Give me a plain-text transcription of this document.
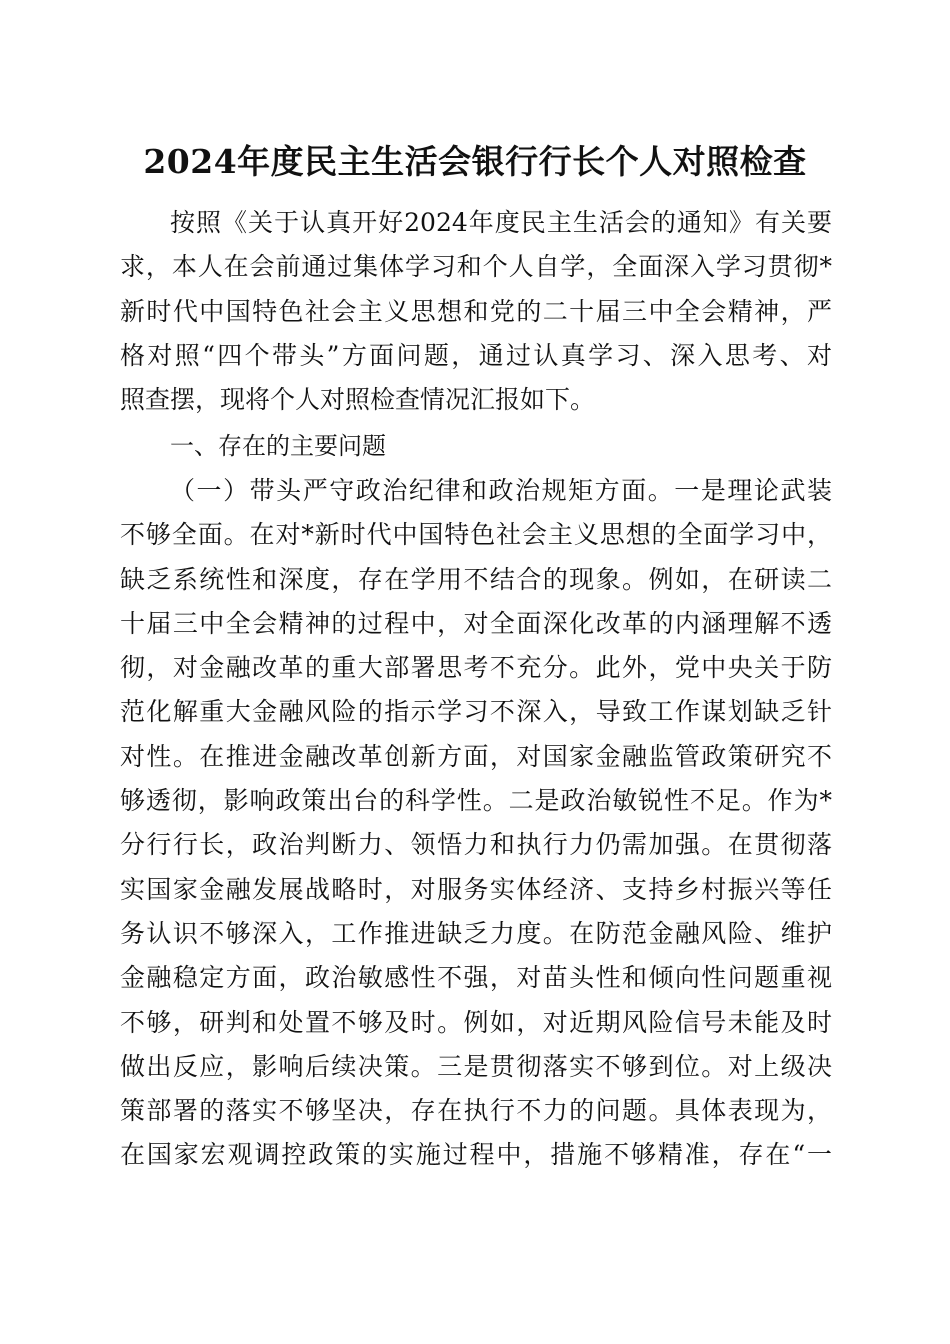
2024年度民主生活会银行行长个人对照检查
按照《关于认真开好2024年度民主生活会的通知》有关要
求，本人在会前通过集体学习和个人自学，全面深入学习贯彻*
新时代中国特色社会主义思想和党的二十届三中全会精神，严
格对照“四个带头”方面问题，通过认真学习、深入思考、对
照查摆，现将个人对照检查情况汇报如下。
一、存在的主要问题
（一）带头严守政治纪律和政治规矩方面。一是理论武装
不够全面。在对*新时代中国特色社会主义思想的全面学习中，
缺乏系统性和深度，存在学用不结合的现象。例如，在研读二
十届三中全会精神的过程中，对全面深化改革的内涵理解不透
彻，对金融改革的重大部署思考不充分。此外，党中央关于防
范化解重大金融风险的指示学习不深入，导致工作谋划缺乏针
对性。在推进金融改革创新方面，对国家金融监管政策研究不
够透彻，影响政策出台的科学性。二是政治敏锐性不足。作为*
分行行长，政治判断力、领悟力和执行力仍需加强。在贯彻落
实国家金融发展战略时，对服务实体经济、支持乡村振兴等任
务认识不够深入，工作推进缺乏力度。在防范金融风险、维护
金融稳定方面，政治敏感性不强，对苗头性和倾向性问题重视
不够，研判和处置不够及时。例如，对近期风险信号未能及时
做出反应，影响后续决策。三是贯彻落实不够到位。对上级决
策部署的落实不够坚决，存在执行不力的问题。具体表现为，
在国家宏观调控政策的实施过程中，措施不够精准，存在“一
